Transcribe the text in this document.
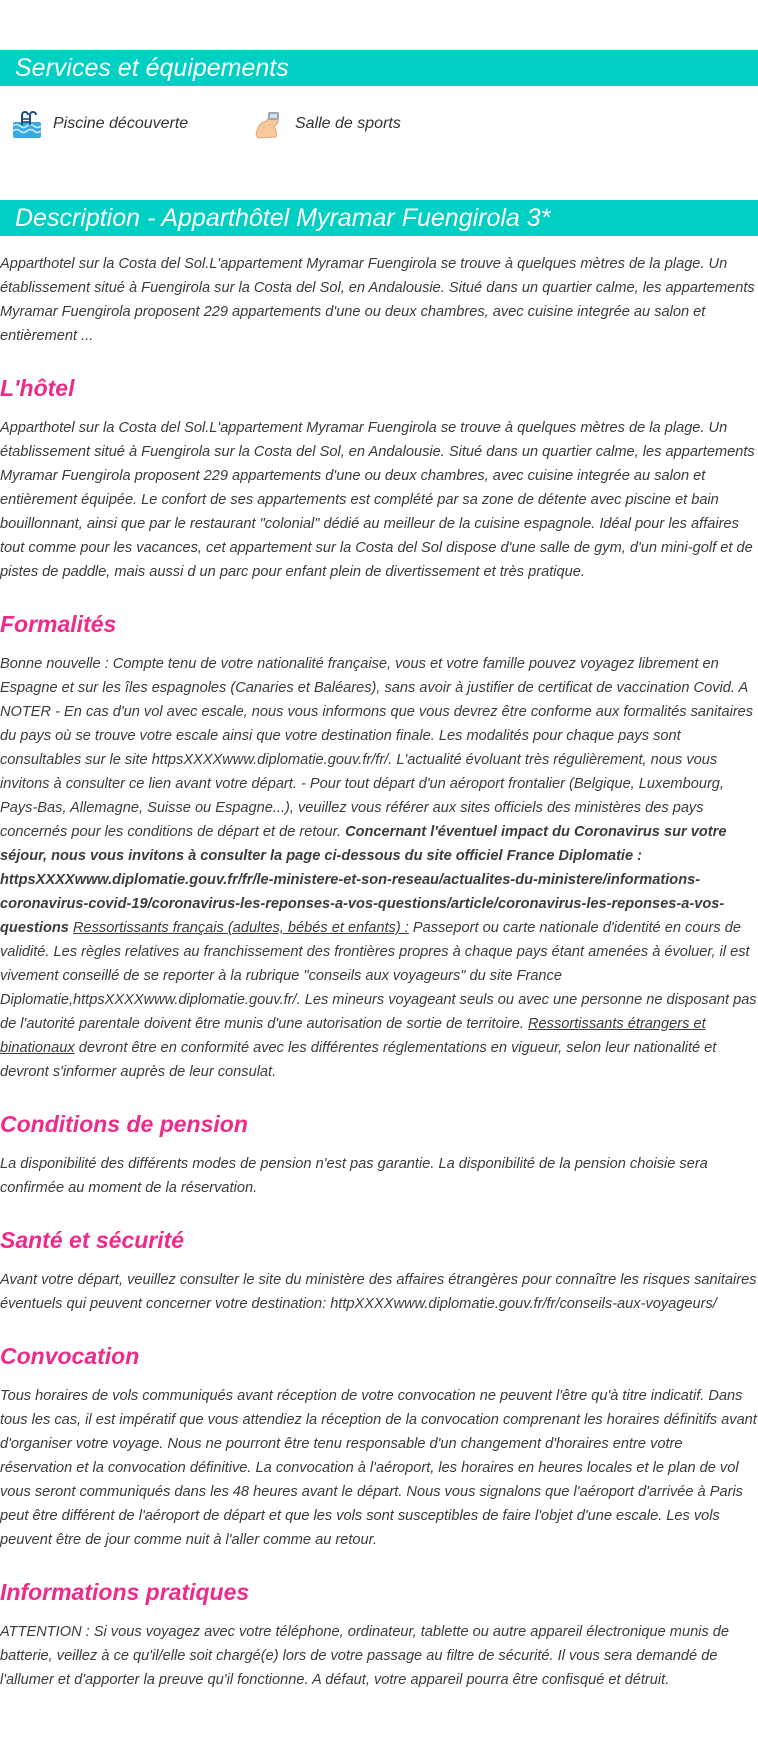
Services et équipements
Piscine découverte	Salle de sports
Description - Apparthôtel Myramar Fuengirola 3*

Apparthotel sur la Costa del Sol.L'appartement Myramar Fuengirola se trouve à quelques mètres de la plage. Un établissement situé à Fuengirola sur la Costa del Sol, en Andalousie. Situé dans un quartier calme, les appartements Myramar Fuengirola proposent 229 appartements d'une ou deux chambres, avec cuisine integrée au salon et entièrement ...

L'hôtel

Apparthotel sur la Costa del Sol.L'appartement Myramar Fuengirola se trouve à quelques mètres de la plage. Un établissement situé à Fuengirola sur la Costa del Sol, en Andalousie. Situé dans un quartier calme, les appartements Myramar Fuengirola proposent 229 appartements d'une ou deux chambres, avec cuisine integrée au salon et entièrement équipée. Le confort de ses appartements est complété par sa zone de détente avec piscine et bain bouillonnant, ainsi que par le restaurant "colonial" dédié au meilleur de la cuisine espagnole. Idéal pour les affaires tout comme pour les vacances, cet appartement sur la Costa del Sol dispose d'une salle de gym, d'un mini-golf et de pistes de paddle, mais aussi d un parc pour enfant plein de divertissement et très pratique.

Formalités

Bonne nouvelle : Compte tenu de votre nationalité française, vous et votre famille pouvez voyagez librement en Espagne et sur les îles espagnoles (Canaries et Baléares), sans avoir à justifier de certificat de vaccination Covid. A NOTER - En cas d'un vol avec escale, nous vous informons que vous devrez être conforme aux formalités sanitaires du pays où se trouve votre escale ainsi que votre destination finale. Les modalités pour chaque pays sont consultables sur le site httpsXXXXwww.diplomatie.gouv.fr/fr/. L'actualité évoluant très régulièrement, nous vous invitons à consulter ce lien avant votre départ. - Pour tout départ d'un aéroport frontalier (Belgique, Luxembourg, Pays-Bas, Allemagne, Suisse ou Espagne...), veuillez vous référer aux sites officiels des ministères des pays concernés pour les conditions de départ et de retour. Concernant l'éventuel impact du Coronavirus sur votre séjour, nous vous invitons à consulter la page ci-dessous du site officiel France Diplomatie : httpsXXXXwww.diplomatie.gouv.fr/fr/le-ministere-et-son-reseau/actualites-du-ministere/informations-coronavirus-covid-19/coronavirus-les-reponses-a-vos-questions/article/coronavirus-les-reponses-a-vos-questions Ressortissants français (adultes, bébés et enfants) : Passeport ou carte nationale d'identité en cours de validité. Les règles relatives au franchissement des frontières propres à chaque pays étant amenées à évoluer, il est vivement conseillé de se reporter à la rubrique "conseils aux voyageurs" du site France Diplomatie,httpsXXXXwww.diplomatie.gouv.fr/. Les mineurs voyageant seuls ou avec une personne ne disposant pas de l'autorité parentale doivent être munis d'une autorisation de sortie de territoire. Ressortissants étrangers et binationaux devront être en conformité avec les différentes réglementations en vigueur, selon leur nationalité et devront s'informer auprès de leur consulat.

Conditions de pension

La disponibilité des différents modes de pension n'est pas garantie. La disponibilité de la pension choisie sera confirmée au moment de la réservation.

Santé et sécurité

Avant votre départ, veuillez consulter le site du ministère des affaires étrangères pour connaître les risques sanitaires éventuels qui peuvent concerner votre destination: httpXXXXwww.diplomatie.gouv.fr/fr/conseils-aux-voyageurs/

Convocation

Tous horaires de vols communiqués avant réception de votre convocation ne peuvent l'être qu'à titre indicatif. Dans tous les cas, il est impératif que vous attendiez la réception de la convocation comprenant les horaires définitifs avant d'organiser votre voyage. Nous ne pourront être tenu responsable d'un changement d'horaires entre votre réservation et la convocation définitive. La convocation à l'aéroport, les horaires en heures locales et le plan de vol vous seront communiqués dans les 48 heures avant le départ. Nous vous signalons que l'aéroport d'arrivée à Paris peut être différent de l'aéroport de départ et que les vols sont susceptibles de faire l'objet d'une escale. Les vols peuvent être de jour comme nuit à l'aller comme au retour.

Informations pratiques

ATTENTION : Si vous voyagez avec votre téléphone, ordinateur, tablette ou autre appareil électronique munis de batterie, veillez à ce qu'il/elle soit chargé(e) lors de votre passage au filtre de sécurité. Il vous sera demandé de l'allumer et d'apporter la preuve qu'il fonctionne. A défaut, votre appareil pourra être confisqué et détruit.
